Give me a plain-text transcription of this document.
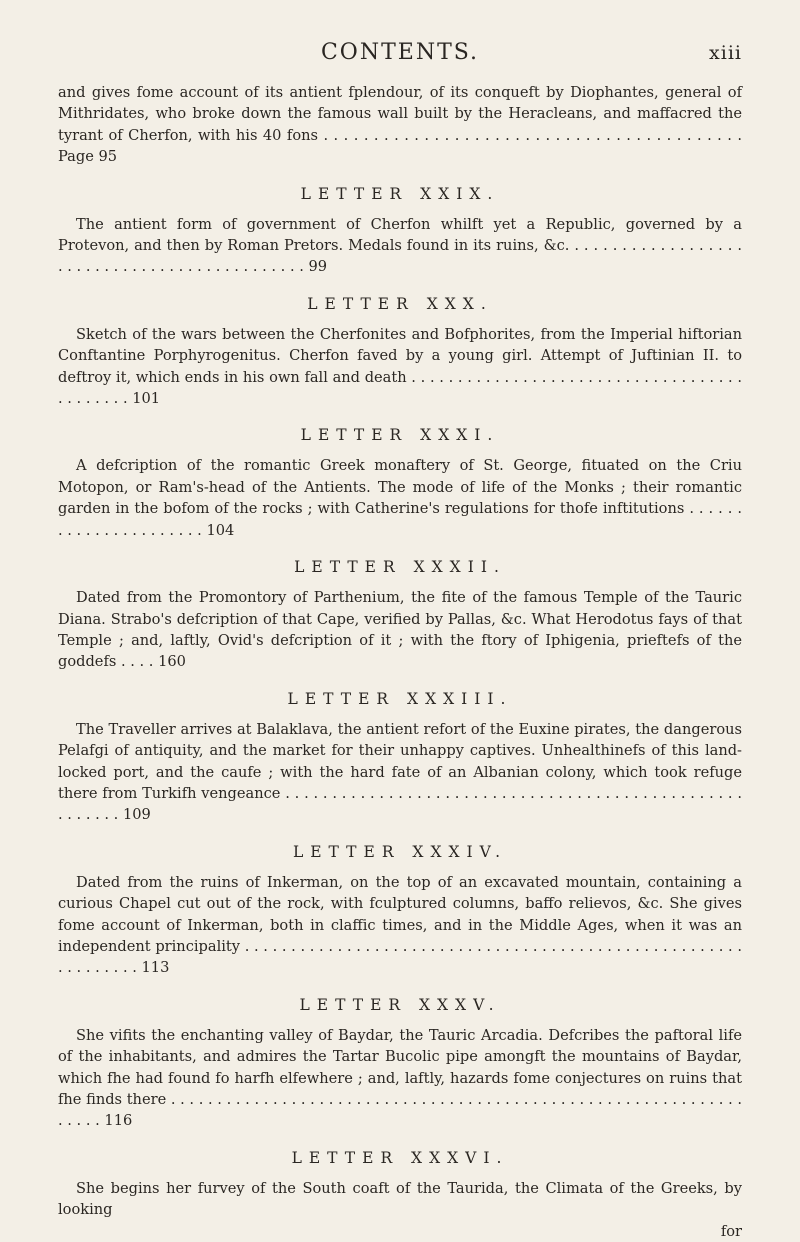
CONTENTS.	xiii

and gives fome account of its antient fplendour, of its conqueft by Diophantes, general of Mithridates, who broke down the famous wall built by the Heracleans, and maffacred the tyrant of Cherfon, with his 40 fons . . . . . . . . . . . . . . . . . . . . . . . . . . . . . . . . . . . . . . . . . . Page 95

LETTER XXIX.

The antient form of government of Cherfon whilft yet a Republic, governed by a Protevon, and then by Roman Pretors. Medals found in its ruins, &c. . . . . . . . . . . . . . . . . . . . . . . . . . . . . . . . . . . . . . . . . . . . . . 99

LETTER XXX.

Sketch of the wars between the Cherfonites and Bofphorites, from the Imperial hiftorian Conftantine Porphyrogenitus. Cherfon faved by a young girl. Attempt of Juftinian II. to deftroy it, which ends in his own fall and death . . . . . . . . . . . . . . . . . . . . . . . . . . . . . . . . . . . . . . . . . . . . 101

LETTER XXXI.

A defcription of the romantic Greek monaftery of St. George, fituated on the Criu Motopon, or Ram's-head of the Antients. The mode of life of the Monks ; their romantic garden in the bofom of the rocks ; with Catherine's regulations for thofe inftitutions . . . . . . . . . . . . . . . . . . . . . . 104

LETTER XXXII.

Dated from the Promontory of Parthenium, the fite of the famous Temple of the Tauric Diana. Strabo's defcription of that Cape, verified by Pallas, &c. What Herodotus fays of that Temple ; and, laftly, Ovid's defcription of it ; with the ftory of Iphigenia, prieftefs of the goddefs . . . . 160

LETTER XXXIII.

The Traveller arrives at Balaklava, the antient refort of the Euxine pirates, the dangerous Pelafgi of antiquity, and the market for their unhappy captives. Unhealthinefs of this land-locked port, and the caufe ; with the hard fate of an Albanian colony, which took refuge there from Turkifh vengeance . . . . . . . . . . . . . . . . . . . . . . . . . . . . . . . . . . . . . . . . . . . . . . . . . . . . . . . . 109

LETTER XXXIV.

Dated from the ruins of Inkerman, on the top of an excavated mountain, containing a curious Chapel cut out of the rock, with fculptured columns, baffo relievos, &c. She gives fome account of Inkerman, both in claffic times, and in the Middle Ages, when it was an independent principality . . . . . . . . . . . . . . . . . . . . . . . . . . . . . . . . . . . . . . . . . . . . . . . . . . . . . . . . . . . . . . . 113

LETTER XXXV.

She vifits the enchanting valley of Baydar, the Tauric Arcadia. Defcribes the paftoral life of the inhabitants, and admires the Tartar Bucolic pipe amongft the mountains of Baydar, which fhe had found fo harfh elfewhere ; and, laftly, hazards fome conjectures on ruins that fhe finds there . . . . . . . . . . . . . . . . . . . . . . . . . . . . . . . . . . . . . . . . . . . . . . . . . . . . . . . . . . . . . . . . . . . 116

LETTER XXXVI.

She begins her furvey of the South coaft of the Taurida, the Climata of the Greeks, by looking

for
